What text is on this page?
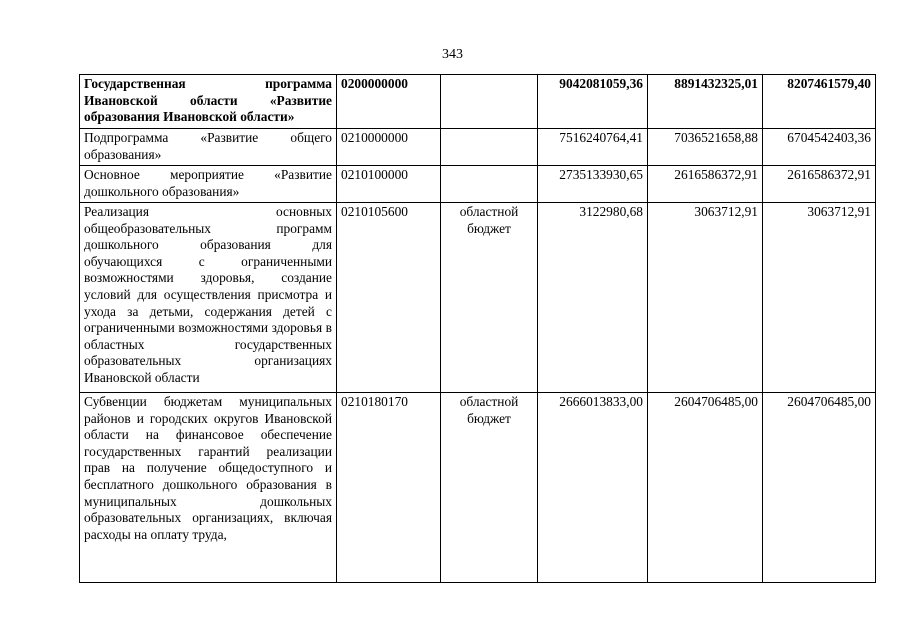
343
Государственная программа Ивановской области «Развитие образования Ивановской области»	0200000000		9042081059,36	8891432325,01	8207461579,40
Подпрограмма «Развитие общего образования»	0210000000		7516240764,41	7036521658,88	6704542403,36
Основное мероприятие «Развитие дошкольного образования»	0210100000		2735133930,65	2616586372,91	2616586372,91
Реализация основных общеобразовательных программ дошкольного образования для обучающихся с ограниченными возможностями здоровья, создание условий для осуществления присмотра и ухода за детьми, содержания детей с ограниченными возможностями здоровья в областных государственных образовательных организациях Ивановской области	0210105600	областной бюджет	3122980,68	3063712,91	3063712,91
Субвенции бюджетам муниципальных районов и городских округов Ивановской области на финансовое обеспечение государственных гарантий реализации прав на получение общедоступного и бесплатного дошкольного образования в муниципальных дошкольных образовательных организациях, включая расходы на оплату труда,	0210180170	областной бюджет	2666013833,00	2604706485,00	2604706485,00
